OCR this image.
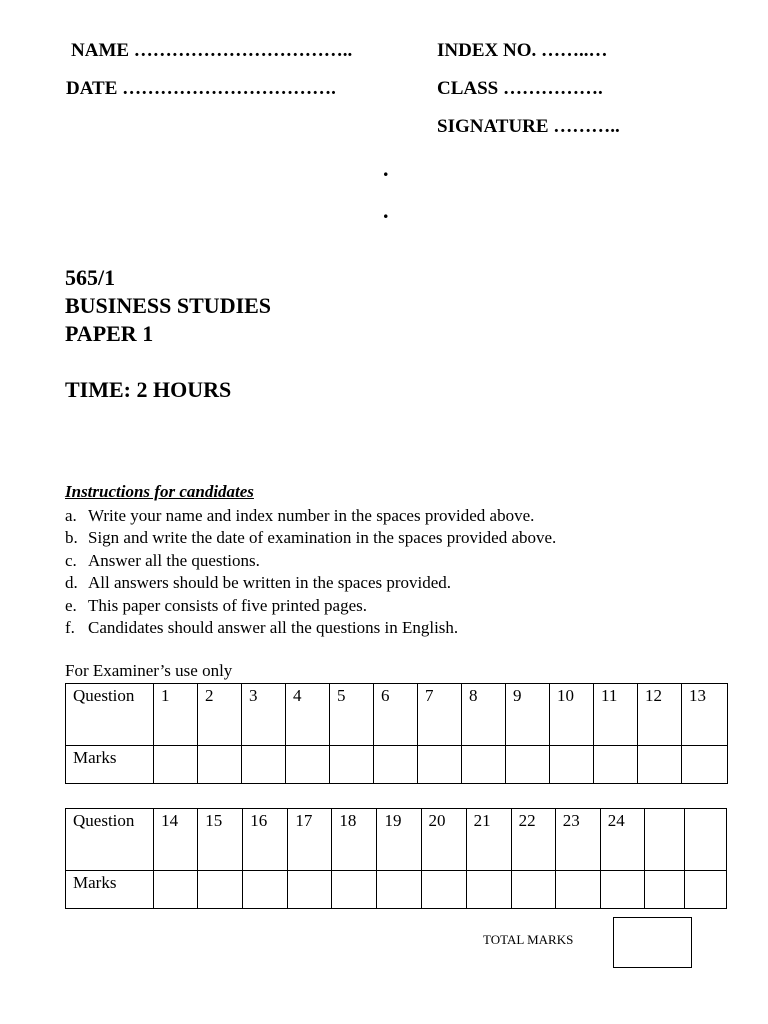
NAME ……………………………..	INDEX NO. ……..…
DATE …………………………….	CLASS …………….
SIGNATURE ………..
.
.
565/1
BUSINESS STUDIES
PAPER 1
TIME: 2 HOURS
Instructions for candidates
a. Write your name and index number in the spaces provided above.
b. Sign and write the date of examination in the spaces provided above.
c. Answer all the questions.
d. All answers should be written in the spaces provided.
e. This paper consists of five printed pages.
f. Candidates should answer all the questions in English.
For Examiner’s use only
Question	1	2	3	4	5	6	7	8	9	10	11	12	13
Marks													
Question	14	15	16	17	18	19	20	21	22	23	24		
Marks													
TOTAL MARKS
